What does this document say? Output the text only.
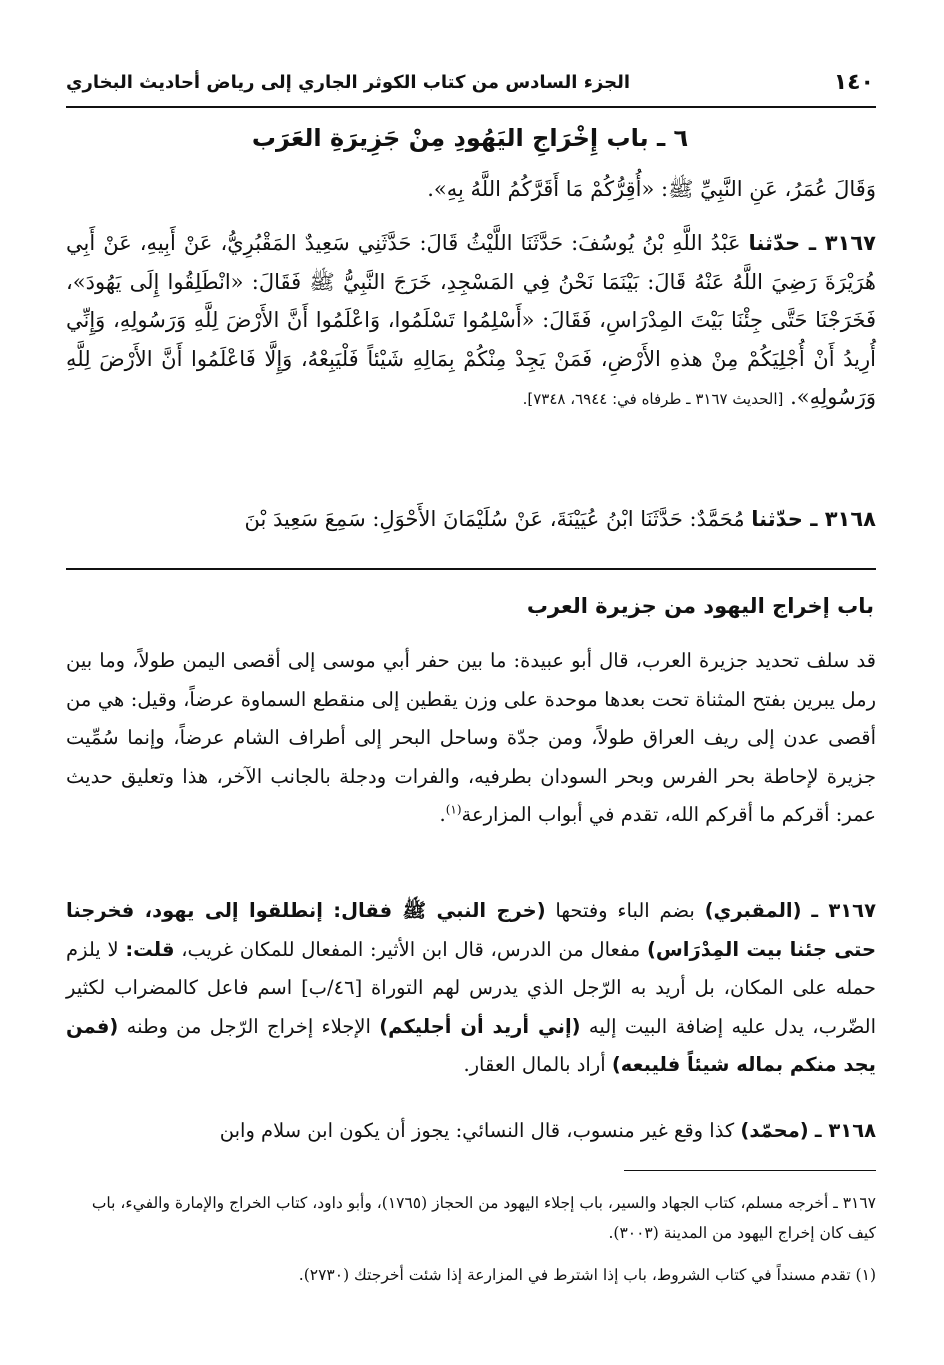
١٤٠
الجزء السادس من كتاب الكوثر الجاري إلى رياض أحاديث البخاري
٦ ـ باب إِخْرَاجِ اليَهُودِ مِنْ جَزِيرَةِ العَرَب
وَقَالَ عُمَرُ، عَنِ النَّبِيِّ ﷺ: «أُقِرُّكُمْ مَا أَقَرَّكُمُ اللَّهُ بِهِ».
٣١٦٧ ـ حدّثنا عَبْدُ اللَّهِ بْنُ يُوسُفَ: حَدَّثَنَا اللَّيْثُ قَالَ: حَدَّثَنِي سَعِيدٌ المَقْبُرِيُّ، عَنْ أَبِيهِ، عَنْ أَبِي هُرَيْرَةَ رَضِيَ اللَّهُ عَنْهُ قَالَ: بَيْنَمَا نَحْنُ فِي المَسْجِدِ، خَرَجَ النَّبِيُّ ﷺ فَقَالَ: «انْطَلِقُوا إِلَى يَهُودَ»، فَخَرَجْنَا حَتَّى جِئْنَا بَيْتَ المِدْرَاسِ، فَقَالَ: «أَسْلِمُوا تَسْلَمُوا، وَاعْلَمُوا أَنَّ الأَرْضَ لِلَّهِ وَرَسُولِهِ، وَإِنِّي أُرِيدُ أَنْ أُجْلِيَكُمْ مِنْ هذهِ الأَرْضِ، فَمَنْ يَجِدْ مِنْكُمْ بِمَالِهِ شَيْئاً فَلْيَبِعْهُ، وَإِلَّا فَاعْلَمُوا أَنَّ الأَرْضَ لِلَّهِ وَرَسُولِهِ». [الحديث ٣١٦٧ ـ طرفاه في: ٦٩٤٤، ٧٣٤٨].
٣١٦٨ ـ حدّثنا مُحَمَّدٌ: حَدَّثَنَا ابْنُ عُيَيْنَةَ، عَنْ سُلَيْمَانَ الأَحْوَلِ: سَمِعَ سَعِيدَ بْنَ
باب إخراج اليهود من جزيرة العرب
قد سلف تحديد جزيرة العرب، قال أبو عبيدة: ما بين حفر أبي موسى إلى أقصى اليمن طولاً، وما بين رمل يبرين بفتح المثناة تحت بعدها موحدة على وزن يقطين إلى منقطع السماوة عرضاً، وقيل: هي من أقصى عدن إلى ريف العراق طولاً، ومن جدّة وساحل البحر إلى أطراف الشام عرضاً، وإنما سُمِّيت جزيرة لإحاطة بحر الفرس وبحر السودان بطرفيه، والفرات ودجلة بالجانب الآخر، هذا وتعليق حديث عمر: أقركم ما أقركم الله، تقدم في أبواب المزارعة$^{(١)}$.
٣١٦٧ ـ (المقبري) بضم الباء وفتحها (خرج النبي ﷺ فقال: إنطلقوا إلى يهود، فخرجنا حتى جئنا بيت المِدْرَاس) مفعال من الدرس، قال ابن الأثير: المفعال للمكان غريب، قلت: لا يلزم حمله على المكان، بل أريد به الرّجل الذي يدرس لهم التوراة [٤٦/ب] اسم فاعل كالمضراب لكثير الضّرب، يدل عليه إضافة البيت إليه (إني أريد أن أجليكم) الإجلاء إخراج الرّجل من وطنه (فمن يجد منكم بماله شيئاً فليبعه) أراد بالمال العقار.
٣١٦٨ ـ (محمّد) كذا وقع غير منسوب، قال النسائي: يجوز أن يكون ابن سلام وابن
٣١٦٧ ـ أخرجه مسلم، كتاب الجهاد والسير، باب إجلاء اليهود من الحجاز (١٧٦٥)، وأبو داود، كتاب الخراج والإمارة والفيء، باب كيف كان إخراج اليهود من المدينة (٣٠٠٣).
(١) تقدم مسنداً في كتاب الشروط، باب إذا اشترط في المزارعة إذا شئت أخرجتك (٢٧٣٠).
